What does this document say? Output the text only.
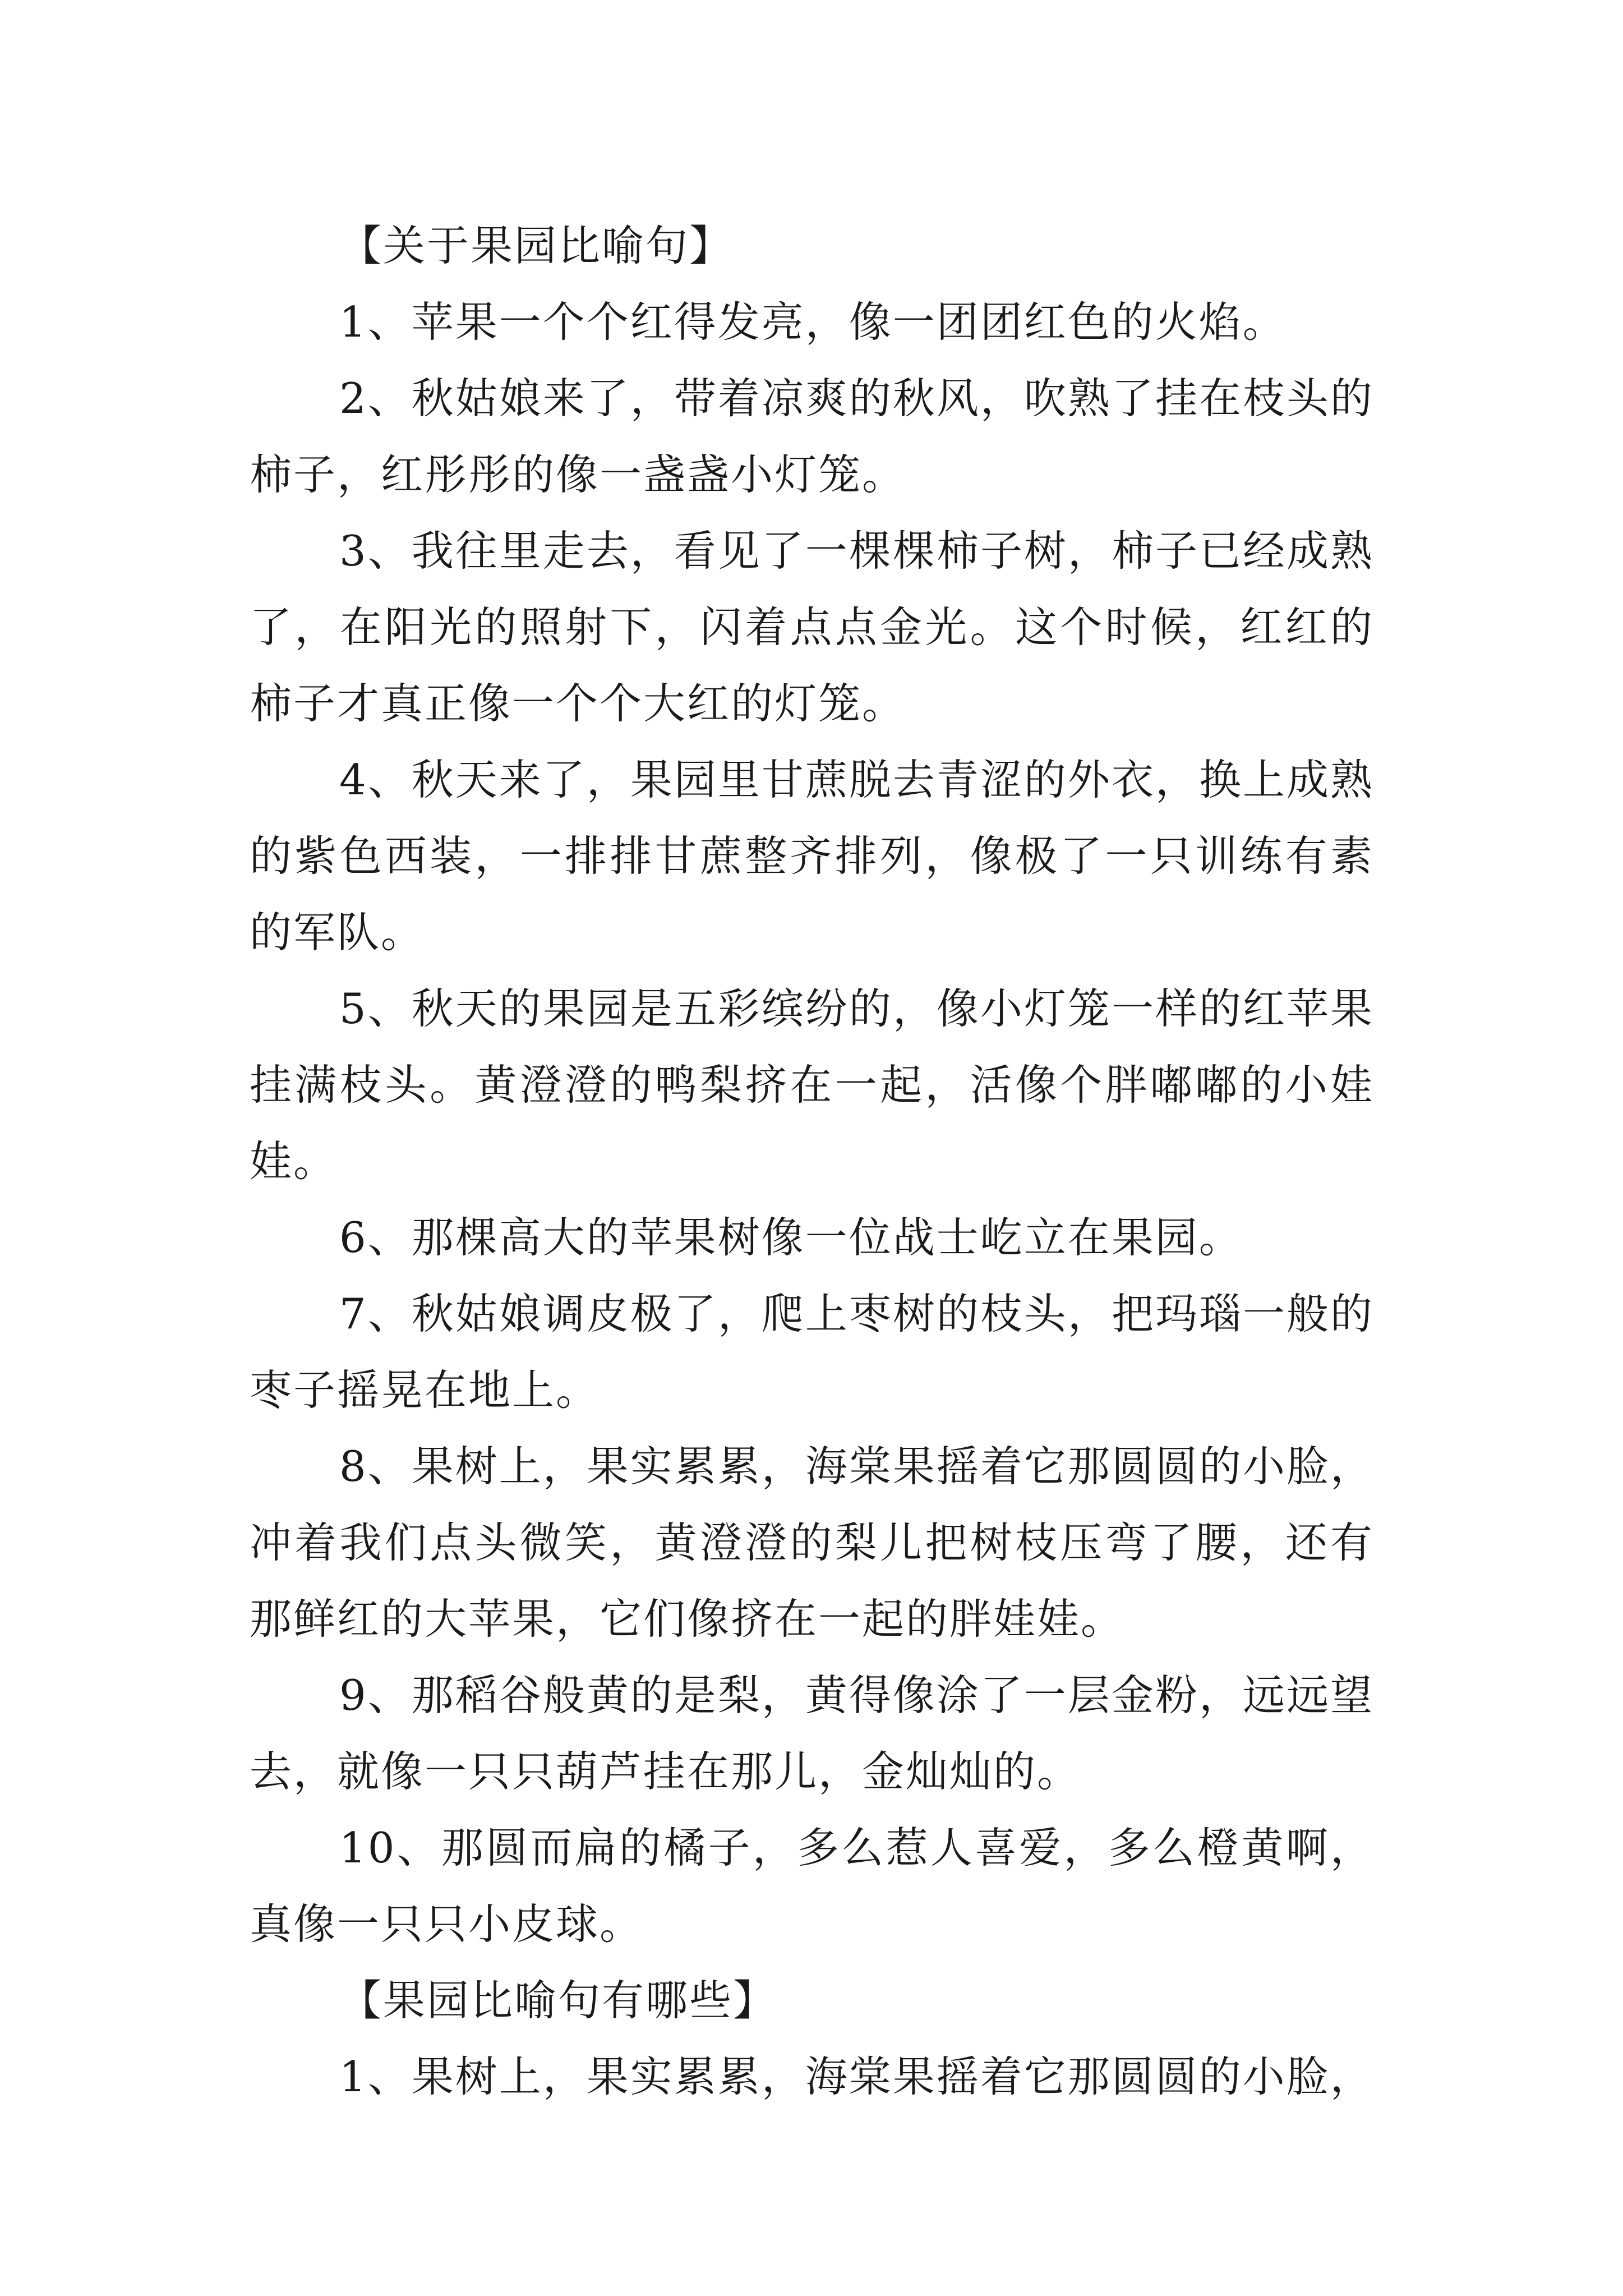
【关于果园比喻句】

1、苹果一个个红得发亮，像一团团红色的火焰。

2、秋姑娘来了，带着凉爽的秋风，吹熟了挂在枝头的柿子，红彤彤的像一盏盏小灯笼。

3、我往里走去，看见了一棵棵柿子树，柿子已经成熟了，在阳光的照射下，闪着点点金光。这个时候，红红的柿子才真正像一个个大红的灯笼。

4、秋天来了，果园里甘蔗脱去青涩的外衣，换上成熟的紫色西装，一排排甘蔗整齐排列，像极了一只训练有素的军队。

5、秋天的果园是五彩缤纷的，像小灯笼一样的红苹果挂满枝头。黄澄澄的鸭梨挤在一起，活像个胖嘟嘟的小娃娃。

6、那棵高大的苹果树像一位战士屹立在果园。

7、秋姑娘调皮极了，爬上枣树的枝头，把玛瑙一般的枣子摇晃在地上。

8、果树上，果实累累，海棠果摇着它那圆圆的小脸，冲着我们点头微笑，黄澄澄的梨儿把树枝压弯了腰，还有那鲜红的大苹果，它们像挤在一起的胖娃娃。

9、那稻谷般黄的是梨，黄得像涂了一层金粉，远远望去，就像一只只葫芦挂在那儿，金灿灿的。

10、那圆而扁的橘子，多么惹人喜爱，多么橙黄啊，真像一只只小皮球。

【果园比喻句有哪些】

1、果树上，果实累累，海棠果摇着它那圆圆的小脸，
